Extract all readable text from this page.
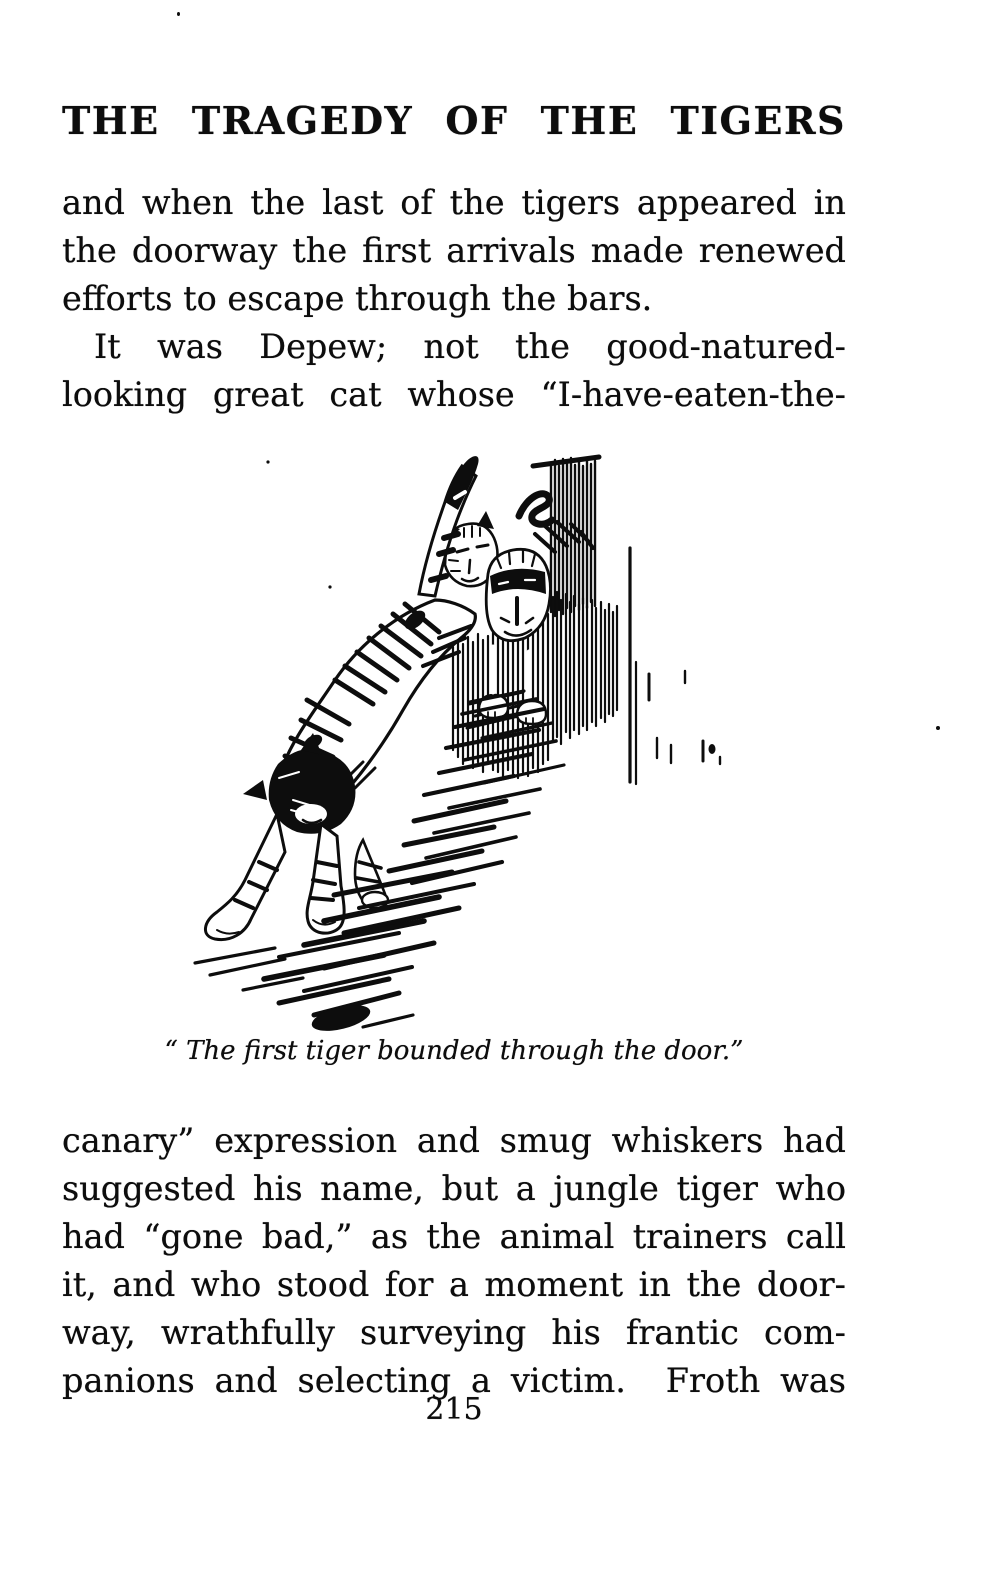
THE TRAGEDY OF THE TIGERS
and when the last of the tigers appeared in
the doorway the first arrivals made renewed
efforts to escape through the bars.
It was Depew; not the good-natured-
looking great cat whose “I-have-eaten-the-
“ The first tiger bounded through the door.”
canary” expression and smug whiskers had
suggested his name, but a jungle tiger who
had “gone bad,” as the animal trainers call
it, and who stood for a moment in the door-
way, wrathfully surveying his frantic com-
panions and selecting a victim.  Froth was
215
